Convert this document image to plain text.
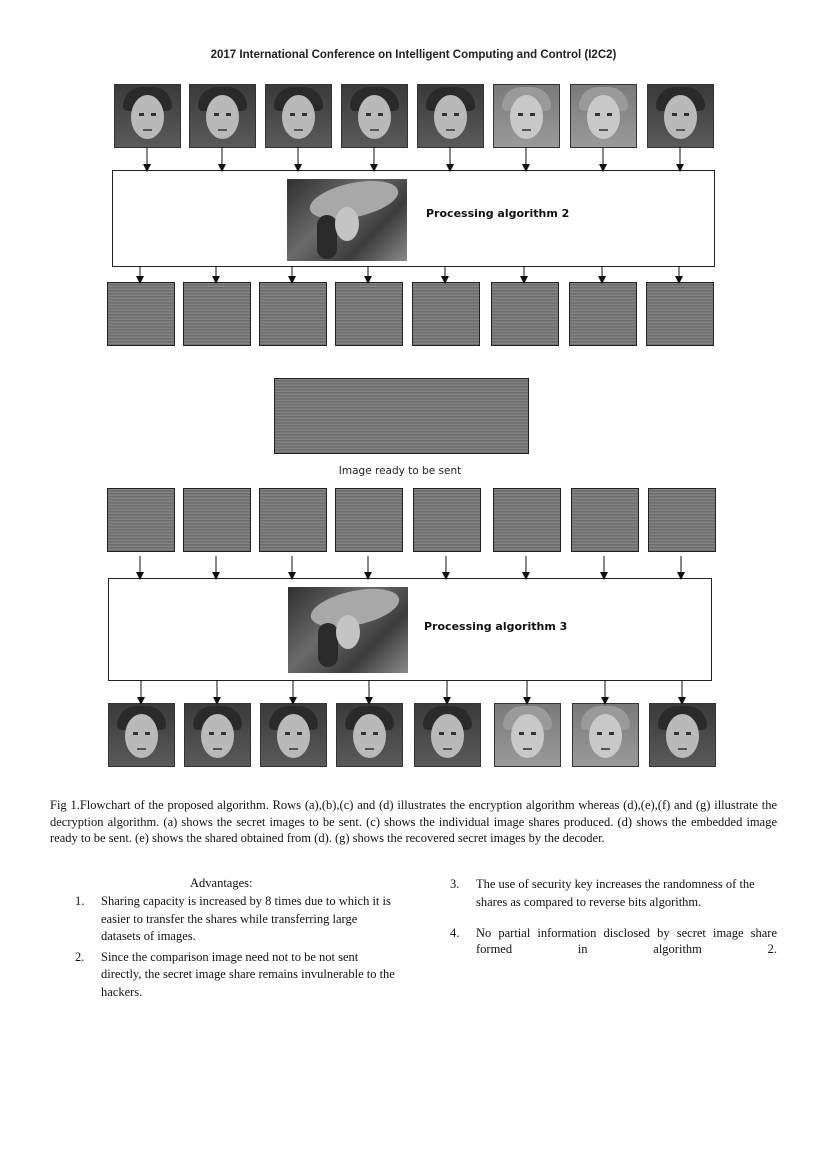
2017 International Conference on Intelligent Computing and Control (I2C2)
Processing algorithm 2
Image ready to be sent
Processing algorithm 3
Fig 1.Flowchart of the proposed algorithm. Rows (a),(b),(c) and (d) illustrates the encryption algorithm whereas (d),(e),(f) and (g) illustrate the decryption algorithm. (a) shows the secret images to be sent. (c) shows the individual image shares produced. (d) shows the embedded image ready to be sent. (e) shows the shared obtained from (d). (g) shows the recovered secret images by the decoder.
Advantages:
1.	Sharing capacity is increased by 8 times due to which it is easier to transfer the shares while transferring large datasets of images.
2.	Since the comparison image need not to be not sent directly, the secret image share remains invulnerable to the hackers.
3.	The use of security key increases the randomness of the shares as compared to reverse bits algorithm.
4.	No partial information disclosed by secret image share formed in algorithm 2.
